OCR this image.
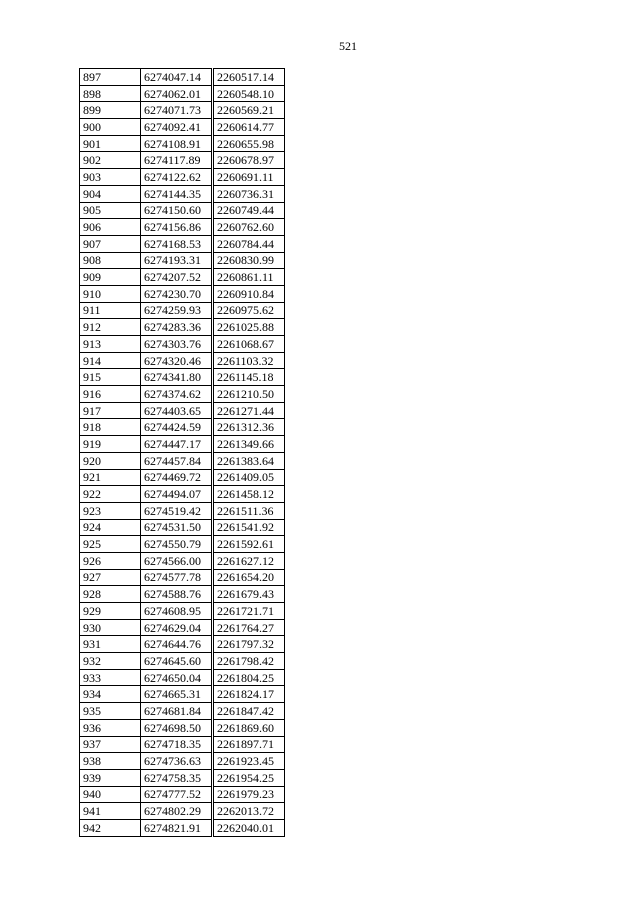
521
897	6274047.14	2260517.14
898	6274062.01	2260548.10
899	6274071.73	2260569.21
900	6274092.41	2260614.77
901	6274108.91	2260655.98
902	6274117.89	2260678.97
903	6274122.62	2260691.11
904	6274144.35	2260736.31
905	6274150.60	2260749.44
906	6274156.86	2260762.60
907	6274168.53	2260784.44
908	6274193.31	2260830.99
909	6274207.52	2260861.11
910	6274230.70	2260910.84
911	6274259.93	2260975.62
912	6274283.36	2261025.88
913	6274303.76	2261068.67
914	6274320.46	2261103.32
915	6274341.80	2261145.18
916	6274374.62	2261210.50
917	6274403.65	2261271.44
918	6274424.59	2261312.36
919	6274447.17	2261349.66
920	6274457.84	2261383.64
921	6274469.72	2261409.05
922	6274494.07	2261458.12
923	6274519.42	2261511.36
924	6274531.50	2261541.92
925	6274550.79	2261592.61
926	6274566.00	2261627.12
927	6274577.78	2261654.20
928	6274588.76	2261679.43
929	6274608.95	2261721.71
930	6274629.04	2261764.27
931	6274644.76	2261797.32
932	6274645.60	2261798.42
933	6274650.04	2261804.25
934	6274665.31	2261824.17
935	6274681.84	2261847.42
936	6274698.50	2261869.60
937	6274718.35	2261897.71
938	6274736.63	2261923.45
939	6274758.35	2261954.25
940	6274777.52	2261979.23
941	6274802.29	2262013.72
942	6274821.91	2262040.01
